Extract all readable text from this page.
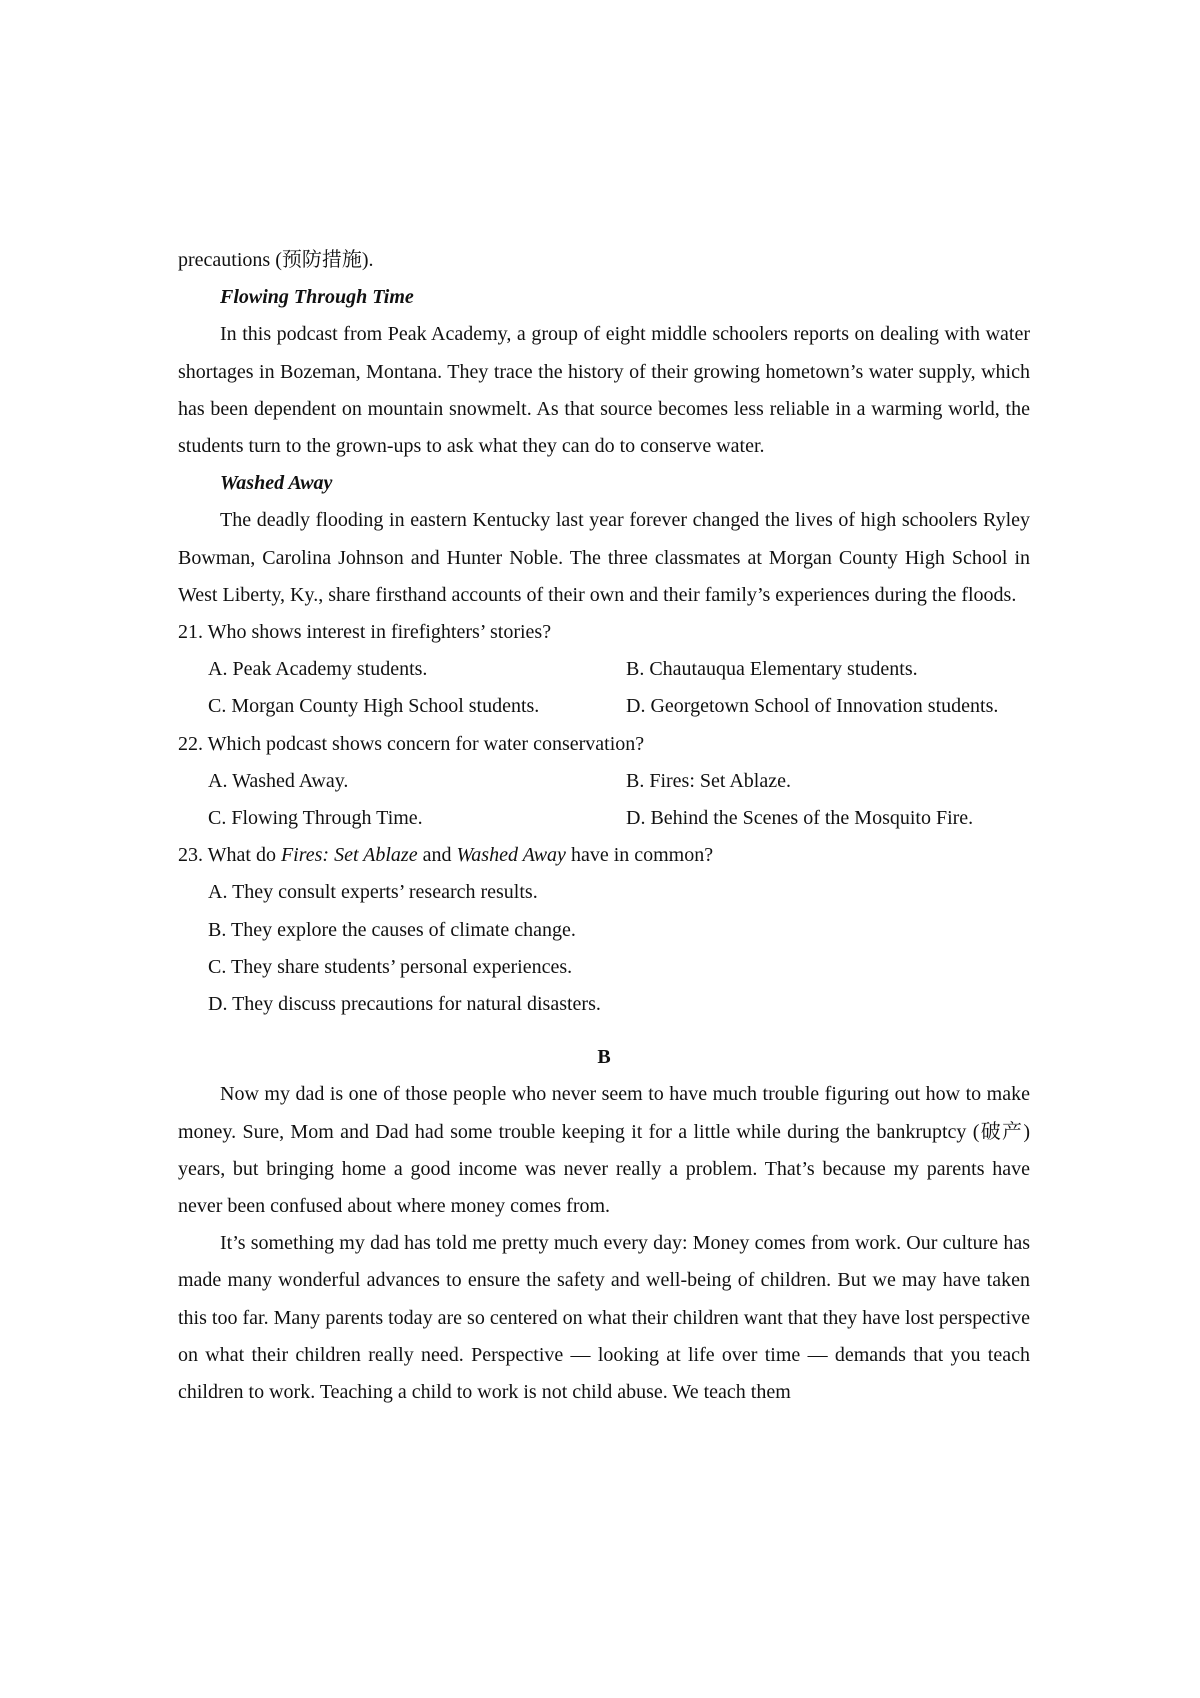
precautions (预防措施).

Flowing Through Time

In this podcast from Peak Academy, a group of eight middle schoolers reports on dealing with water shortages in Bozeman, Montana. They trace the history of their growing hometown’s water supply, which has been dependent on mountain snowmelt. As that source becomes less reliable in a warming world, the students turn to the grown-ups to ask what they can do to conserve water.

Washed Away

The deadly flooding in eastern Kentucky last year forever changed the lives of high schoolers Ryley Bowman, Carolina Johnson and Hunter Noble. The three classmates at Morgan County High School in West Liberty, Ky., share firsthand accounts of their own and their family’s experiences during the floods.

21. Who shows interest in firefighters’ stories?

A. Peak Academy students.	B. Chautauqua Elementary students.
C. Morgan County High School students.	D. Georgetown School of Innovation students.

22. Which podcast shows concern for water conservation?

A. Washed Away.	B. Fires: Set Ablaze.
C. Flowing Through Time.	D. Behind the Scenes of the Mosquito Fire.

23. What do Fires: Set Ablaze and Washed Away have in common?

A. They consult experts’ research results.
B. They explore the causes of climate change.
C. They share students’ personal experiences.
D. They discuss precautions for natural disasters.

B

Now my dad is one of those people who never seem to have much trouble figuring out how to make money. Sure, Mom and Dad had some trouble keeping it for a little while during the bankruptcy (破产) years, but bringing home a good income was never really a problem. That’s because my parents have never been confused about where money comes from.

It’s something my dad has told me pretty much every day: Money comes from work. Our culture has made many wonderful advances to ensure the safety and well-being of children. But we may have taken this too far. Many parents today are so centered on what their children want that they have lost perspective on what their children really need. Perspective — looking at life over time — demands that you teach children to work. Teaching a child to work is not child abuse. We teach them
